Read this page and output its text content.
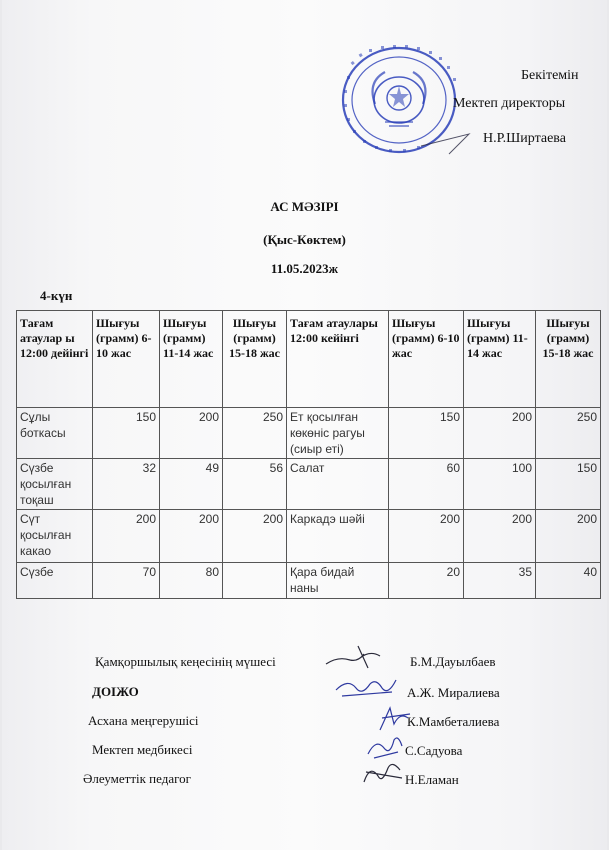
Бекітемін
Мектеп директоры
Н.Р.Ширтаева
АС МӘЗІРІ
(Қыс-Көктем)
11.05.2023ж
4-күн
Тағам атаулар ы 12:00 дейінгі	Шығуы (грамм) 6-10 жас	Шығуы (грамм) 11-14 жас	Шығуы (грамм) 15-18 жас	Тағам атаулары 12:00 кейінгі	Шығуы (грамм) 6-10 жас	Шығуы (грамм) 11-14 жас	Шығуы (грамм) 15-18 жас
Сұлы боткасы	150	200	250	Ет қосылған көкөніс рагуы (сиыр еті)	150	200	250
Сүзбе қосылған тоқаш	32	49	56	Салат	60	100	150
Сүт қосылған какао	200	200	200	Каркадэ шәйі	200	200	200
Сүзбе	70	80		Қара бидай наны	20	35	40
Қамқоршылық кеңесінің мүшесі	Б.М.Дауылбаев
ДОІЖО	А.Ж. Миралиева
Асхана меңгерушісі	К.Мамбеталиева
Мектеп медбикесі	С.Садуова
Әлеуметтік педагог	Н.Еламан
